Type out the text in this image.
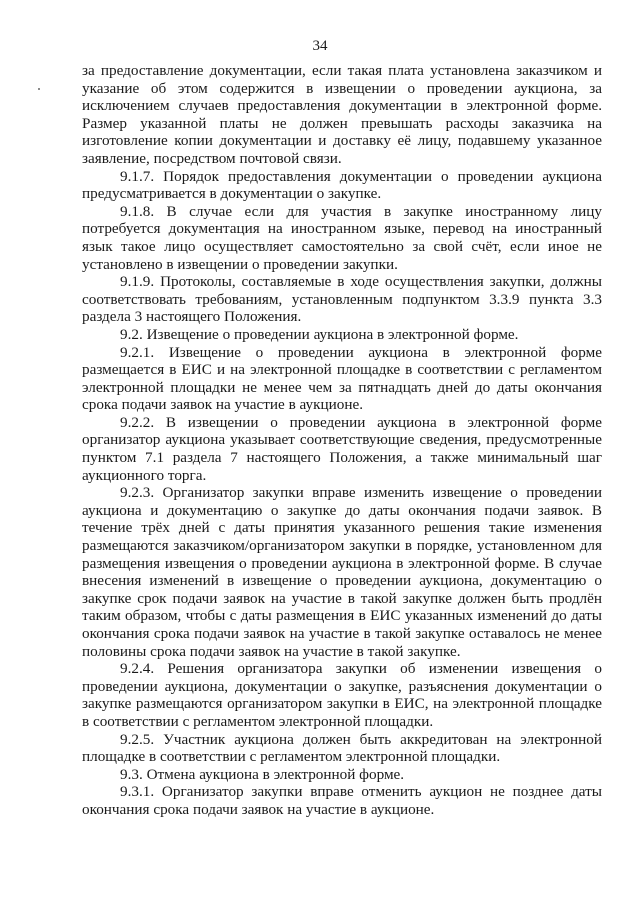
34

за предоставление документации, если такая плата установлена заказчиком и указание об этом содержится в извещении о проведении аукциона, за исключением случаев предоставления документации в электронной форме. Размер указанной платы не должен превышать расходы заказчика на изготовление копии документации и доставку её лицу, подавшему указанное заявление, посредством почтовой связи.

9.1.7. Порядок предоставления документации о проведении аукциона предусматривается в документации о закупке.

9.1.8. В случае если для участия в закупке иностранному лицу потребуется документация на иностранном языке, перевод на иностранный язык такое лицо осуществляет самостоятельно за свой счёт, если иное не установлено в извещении о проведении закупки.

9.1.9. Протоколы, составляемые в ходе осуществления закупки, должны соответствовать требованиям, установленным подпунктом 3.3.9 пункта 3.3 раздела 3 настоящего Положения.

9.2. Извещение о проведении аукциона в электронной форме.

9.2.1. Извещение о проведении аукциона в электронной форме размещается в ЕИС и на электронной площадке в соответствии с регламентом электронной площадки не менее чем за пятнадцать дней до даты окончания срока подачи заявок на участие в аукционе.

9.2.2. В извещении о проведении аукциона в электронной форме организатор аукциона указывает соответствующие сведения, предусмотренные пунктом 7.1 раздела 7 настоящего Положения, а также минимальный шаг аукционного торга.

9.2.3. Организатор закупки вправе изменить извещение о проведении аукциона и документацию о закупке до даты окончания подачи заявок. В течение трёх дней с даты принятия указанного решения такие изменения размещаются заказчиком/организатором закупки в порядке, установленном для размещения извещения о проведении аукциона в электронной форме. В случае внесения изменений в извещение о проведении аукциона, документацию о закупке срок подачи заявок на участие в такой закупке должен быть продлён таким образом, чтобы с даты размещения в ЕИС указанных изменений до даты окончания срока подачи заявок на участие в такой закупке оставалось не менее половины срока подачи заявок на участие в такой закупке.

9.2.4. Решения организатора закупки об изменении извещения о проведении аукциона, документации о закупке, разъяснения документации о закупке размещаются организатором закупки в ЕИС, на электронной площадке в соответствии с регламентом электронной площадки.

9.2.5. Участник аукциона должен быть аккредитован на электронной площадке в соответствии с регламентом электронной площадки.

9.3. Отмена аукциона в электронной форме.

9.3.1. Организатор закупки вправе отменить аукцион не позднее даты окончания срока подачи заявок на участие в аукционе.
